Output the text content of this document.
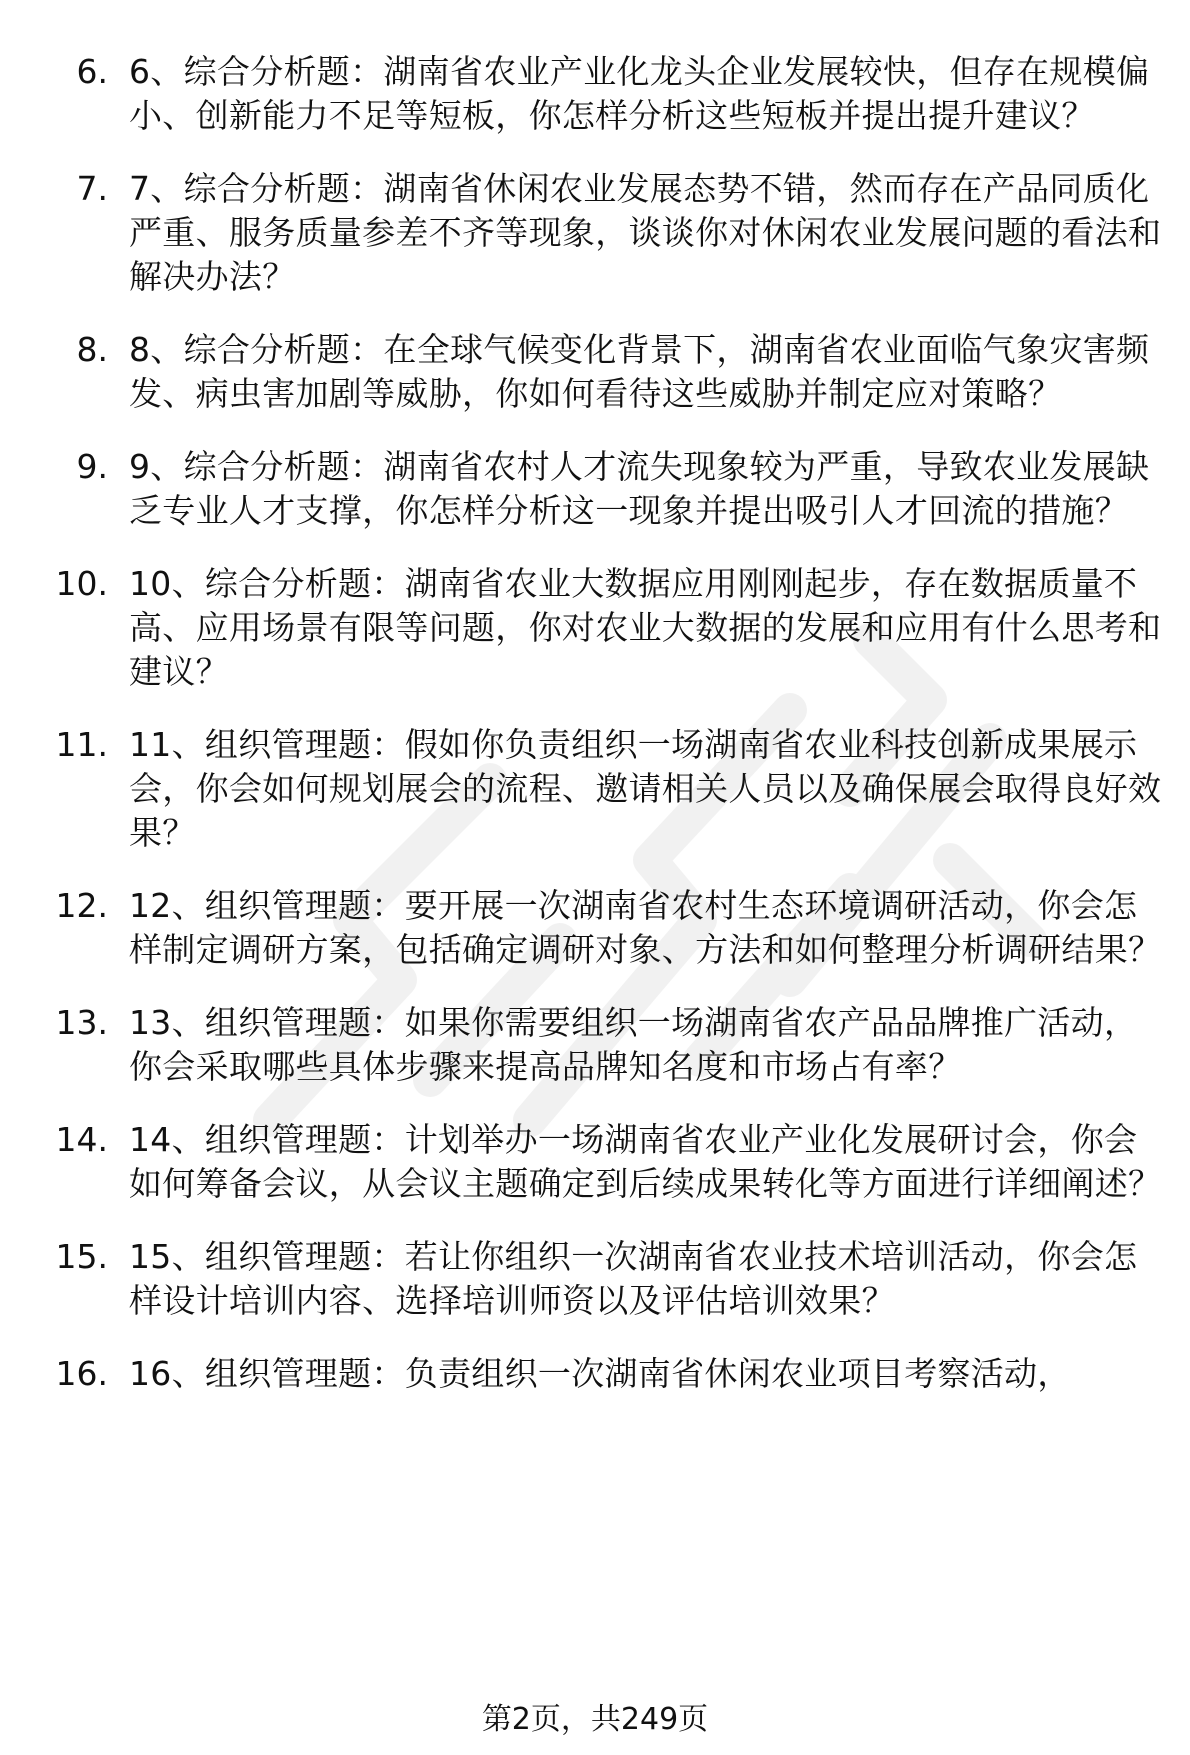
6. 6、综合分析题：湖南省农业产业化龙头企业发展较快，但存在规模偏小、创新能力不足等短板，你怎样分析这些短板并提出提升建议？
7. 7、综合分析题：湖南省休闲农业发展态势不错，然而存在产品同质化严重、服务质量参差不齐等现象，谈谈你对休闲农业发展问题的看法和解决办法？
8. 8、综合分析题：在全球气候变化背景下，湖南省农业面临气象灾害频发、病虫害加剧等威胁，你如何看待这些威胁并制定应对策略？
9. 9、综合分析题：湖南省农村人才流失现象较为严重，导致农业发展缺乏专业人才支撑，你怎样分析这一现象并提出吸引人才回流的措施？
10. 10、综合分析题：湖南省农业大数据应用刚刚起步，存在数据质量不高、应用场景有限等问题，你对农业大数据的发展和应用有什么思考和建议？
11. 11、组织管理题：假如你负责组织一场湖南省农业科技创新成果展示会，你会如何规划展会的流程、邀请相关人员以及确保展会取得良好效果？
12. 12、组织管理题：要开展一次湖南省农村生态环境调研活动，你会怎样制定调研方案，包括确定调研对象、方法和如何整理分析调研结果？
13. 13、组织管理题：如果你需要组织一场湖南省农产品品牌推广活动，你会采取哪些具体步骤来提高品牌知名度和市场占有率？
14. 14、组织管理题：计划举办一场湖南省农业产业化发展研讨会，你会如何筹备会议，从会议主题确定到后续成果转化等方面进行详细阐述？
15. 15、组织管理题：若让你组织一次湖南省农业技术培训活动，你会怎样设计培训内容、选择培训师资以及评估培训效果？
16. 16、组织管理题：负责组织一次湖南省休闲农业项目考察活动，
第2页，共249页
